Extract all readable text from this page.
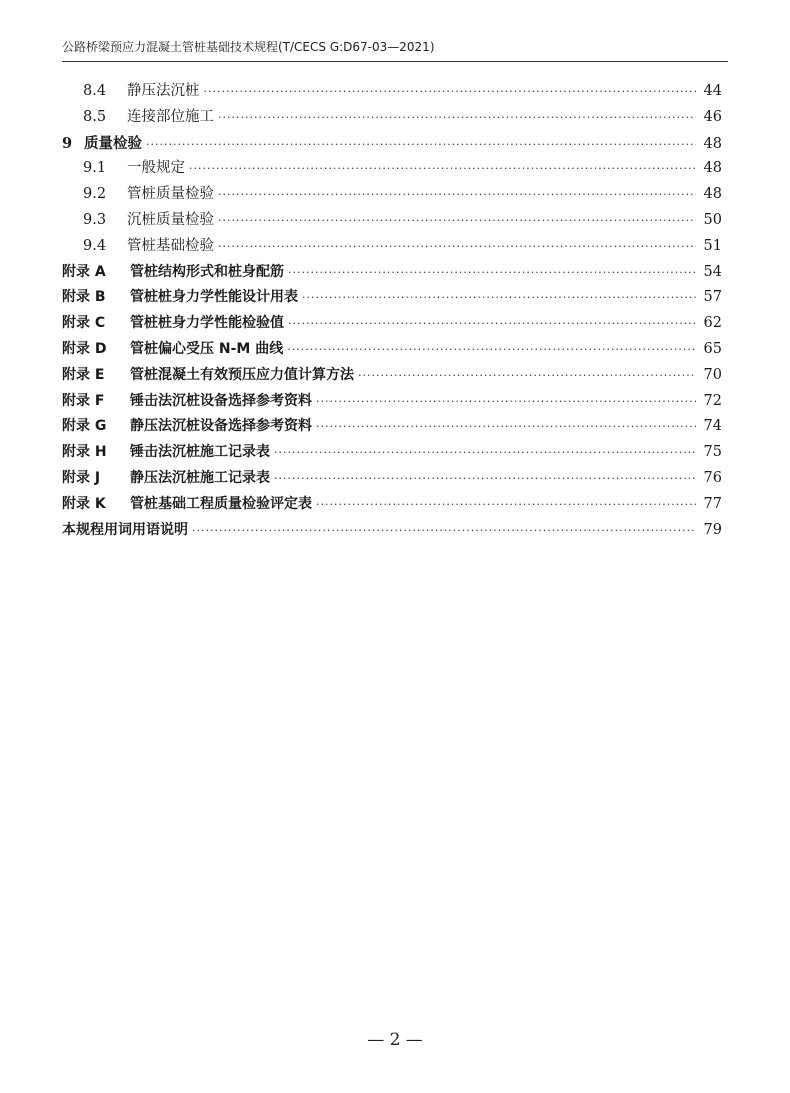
公路桥梁预应力混凝土管桩基础技术规程(T/CECS G:D67-03—2021)
8.4	静压法沉桩 ·····	44
8.5	连接部位施工 ·····	46
9 质量检验 ·····	48
9.1	一般规定 ·····	48
9.2	管桩质量检验 ·····	48
9.3	沉桩质量检验 ·····	50
9.4	管桩基础检验 ·····	51
附录 A	管桩结构形式和桩身配筋 ·····	54
附录 B	管桩桩身力学性能设计用表 ·····	57
附录 C	管桩桩身力学性能检验值 ·····	62
附录 D	管桩偏心受压 N-M 曲线 ·····	65
附录 E	管桩混凝土有效预压应力值计算方法 ·····	70
附录 F	锤击法沉桩设备选择参考资料 ·····	72
附录 G	静压法沉桩设备选择参考资料 ·····	74
附录 H	锤击法沉桩施工记录表 ·····	75
附录 J	静压法沉桩施工记录表 ·····	76
附录 K	管桩基础工程质量检验评定表 ·····	77
本规程用词用语说明 ·····	79
— 2 —
